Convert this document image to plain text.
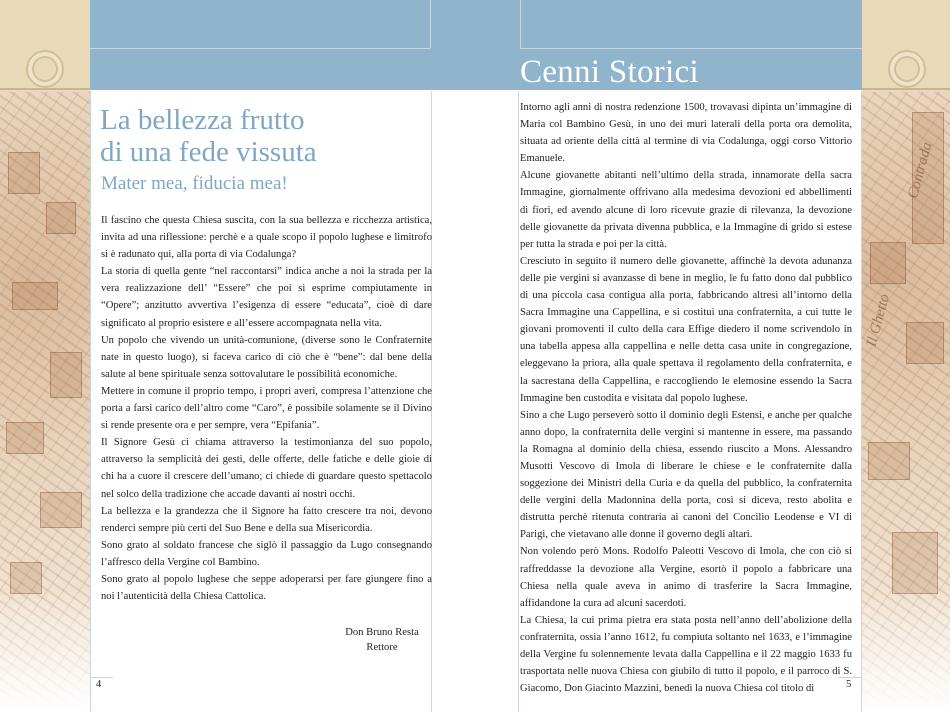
Contrada
Il Ghetto
Cenni Storici
La bellezza frutto
di una fede vissuta
Mater mea, fiducia mea!

Il fascino che questa Chiesa suscita, con la sua bellezza e ricchezza artistica, invita ad una riflessione: perchè e a quale scopo il popolo lughese e limitrofo si è radunato qui, alla porta di via Codalunga?

La storia di quella gente “nel raccontarsi” indica anche a noi la strada per la vera realizzazione dell’ “Essere” che poi si esprime compiutamente in “Opere”; anzitutto avvertiva l’esigenza di essere “educata”, cioè di dare significato al proprio esistere e all’essere accompagnata nella vita.

Un popolo che vivendo un unità-comunione, (diverse sono le Confraternite nate in questo luogo), si faceva carico di ciò che è “bene”: dal bene della salute al bene spirituale senza sottovalutare le possibilità economiche.

Mettere in comune il proprio tempo, i propri averi, compresa l’attenzione che porta a farsi carico dell’altro come “Caro”, è possibile solamente se il Divino si rende presente ora e per sempre, vera “Epifania”.

Il Signore Gesù ci chiama attraverso la testimonianza del suo popolo, attraverso la semplicità dei gesti, delle offerte, delle fatiche e delle gioie di chi ha a cuore il crescere dell’umano; ci chiede di guardare questo spettacolo nel solco della tradizione che accade davanti ai nostri occhi.

La bellezza e la grandezza che il Signore ha fatto crescere tra noi, devono renderci sempre più certi del Suo Bene e della sua Misericordia.

Sono grato al soldato francese che siglò il passaggio da Lugo consegnando l’affresco della Vergine col Bambino.

Sono grato al popolo lughese che seppe adoperarsi per fare giungere fino a noi l’autenticità della Chiesa Cattolica.

Don Bruno Resta
Rettore
4

Intorno agli anni di nostra redenzione 1500, trovavasi dipinta un’immagine di Maria col Bambino Gesù, in uno dei muri laterali della porta ora demolita, situata ad oriente della città al termine di via Codalunga, oggi corso Vittorio Emanuele.

Alcune giovanette abitanti nell’ultimo della strada, innamorate della sacra Immagine, giornalmente offrivano alla medesima devozioni ed abbellimenti di fiori, ed avendo alcune di loro ricevute grazie di rilevanza, la devozione delle giovanette da privata divenna pubblica, e la Immagine di grido si estese per tutta la strada e poi per la città.

Cresciuto in seguito il numero delle giovanette, affinchè la devota adunanza delle pie vergini si avanzasse di bene in meglio, le fu fatto dono dal pubblico di una piccola casa contigua alla porta, fabbricando altresì all’intorno della Sacra Immagine una Cappellina, e si costituì una confraternita, a cui tutte le giovani promoventi il culto della cara Effige diedero il nome scrivendolo in una tabella appesa alla cappellina e nelle detta casa unite in congregazione, eleggevano la priora, alla quale spettava il regolamento della confraternita, e la sacrestana della Cappellina, e raccogliendo le elemosine essendo la Sacra Immagine ben custodita e visitata dal popolo lughese.

Sino a che Lugo perseverò sotto il dominio degli Estensi, e anche per qualche anno dopo, la confraternita delle vergini si mantenne in essere, ma passando la Romagna al dominio della chiesa, essendo riuscito a Mons. Alessandro Musotti Vescovo di Imola di liberare le chiese e le confraternite dalla soggezione dei Ministri della Curia e da quella del pubblico, la confraternita delle vergini della Madonnina della porta, così si diceva, resto abolita e distrutta perchè ritenuta contraria ai canoni del Concilio Leodense e VI di Parigi, che vietavano alle donne il governo degli altari.

Non volendo però Mons. Rodolfo Paleotti Vescovo di Imola, che con ciò si raffreddasse la devozione alla Vergine, esortò il popolo a fabbricare una Chiesa nella quale aveva in animo di trasferire la Sacra Immagine, affidandone la cura ad alcuni sacerdoti.

La Chiesa, la cui prima pietra era stata posta nell’anno dell’abolizione della confraternita, ossia l’anno 1612, fu compiuta soltanto nel 1633, e l’immagine della Vergine fu solennemente levata dalla Cappellina e il 22 maggio 1633 fu trasportata nelle nuova Chiesa con giubilo di tutto il popolo, e il parroco di S. Giacomo, Don Giacinto Mazzini, benedì la nuova Chiesa col titolo di	5
